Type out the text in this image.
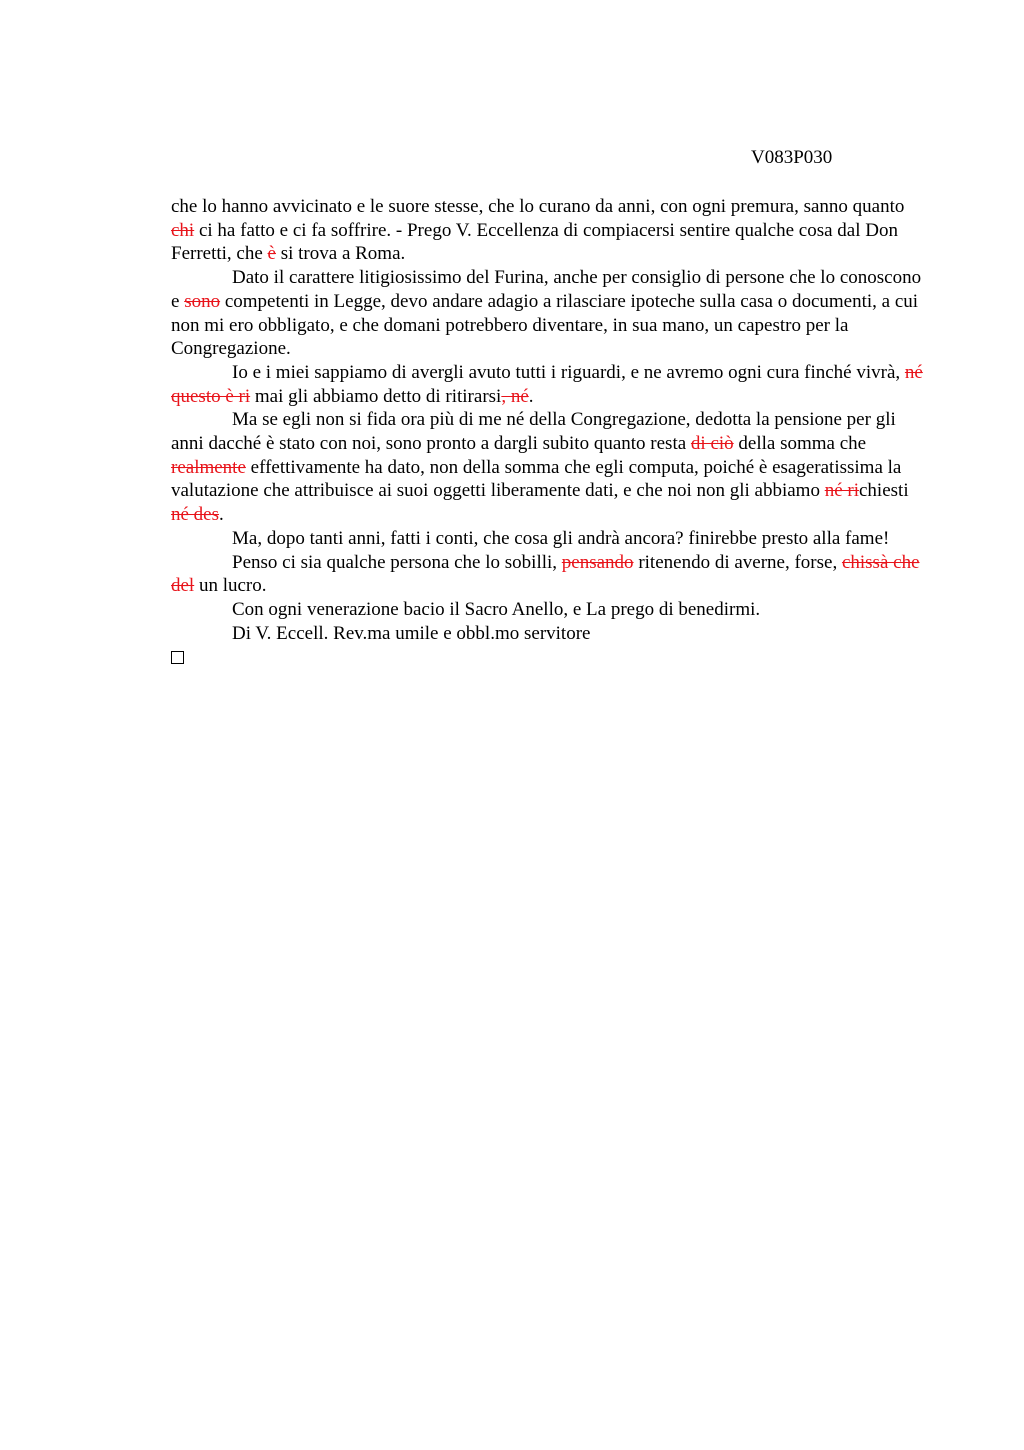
V083P030

che lo hanno avvicinato e le suore stesse, che lo curano da anni, con ogni premura, sanno quanto chi ci ha fatto e ci fa soffrire. - Prego V. Eccellenza di compiacersi sentire qualche cosa dal Don Ferretti, che è si trova a Roma.

Dato il carattere litigiosissimo del Furina, anche per consiglio di persone che lo conoscono e sono competenti in Legge, devo andare adagio a rilasciare ipoteche sulla casa o documenti, a cui non mi ero obbligato, e che domani potrebbero diventare, in sua mano, un capestro per la Congregazione.

Io e i miei sappiamo di avergli avuto tutti i riguardi, e ne avremo ogni cura finché vivrà, né questo è ri mai gli abbiamo detto di ritirarsi, né.

Ma se egli non si fida ora più di me né della Congregazione, dedotta la pensione per gli anni dacché è stato con noi, sono pronto a dargli subito quanto resta di ciò della somma che realmente effettivamente ha dato, non della somma che egli computa, poiché è esageratissima la valutazione che attribuisce ai suoi oggetti liberamente dati, e che noi non gli abbiamo né richiesti né des.

Ma, dopo tanti anni, fatti i conti, che cosa gli andrà ancora? finirebbe presto alla fame!

Penso ci sia qualche persona che lo sobilli, pensando ritenendo di averne, forse, chissà che del un lucro.

Con ogni venerazione bacio il Sacro Anello, e La prego di benedirmi.

Di V. Eccell. Rev.ma umile e obbl.mo servitore
